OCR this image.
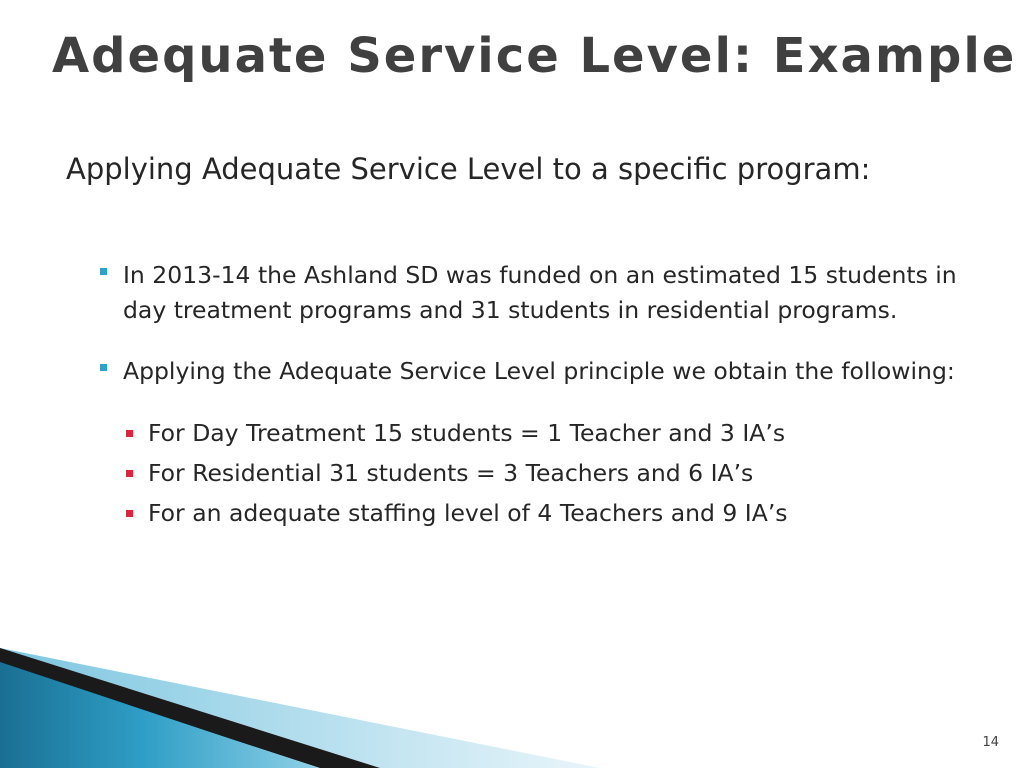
Adequate Service Level: Example

Applying Adequate Service Level to a specific program:

In 2013-14 the Ashland SD was funded on an estimated 15 students in day treatment programs and 31 students in residential programs.
Applying the Adequate Service Level principle we obtain the following:
For Day Treatment 15 students = 1 Teacher and 3 IA’s
For Residential 31 students = 3 Teachers and 6 IA’s
For an adequate staffing level of 4 Teachers and 9 IA’s
14
